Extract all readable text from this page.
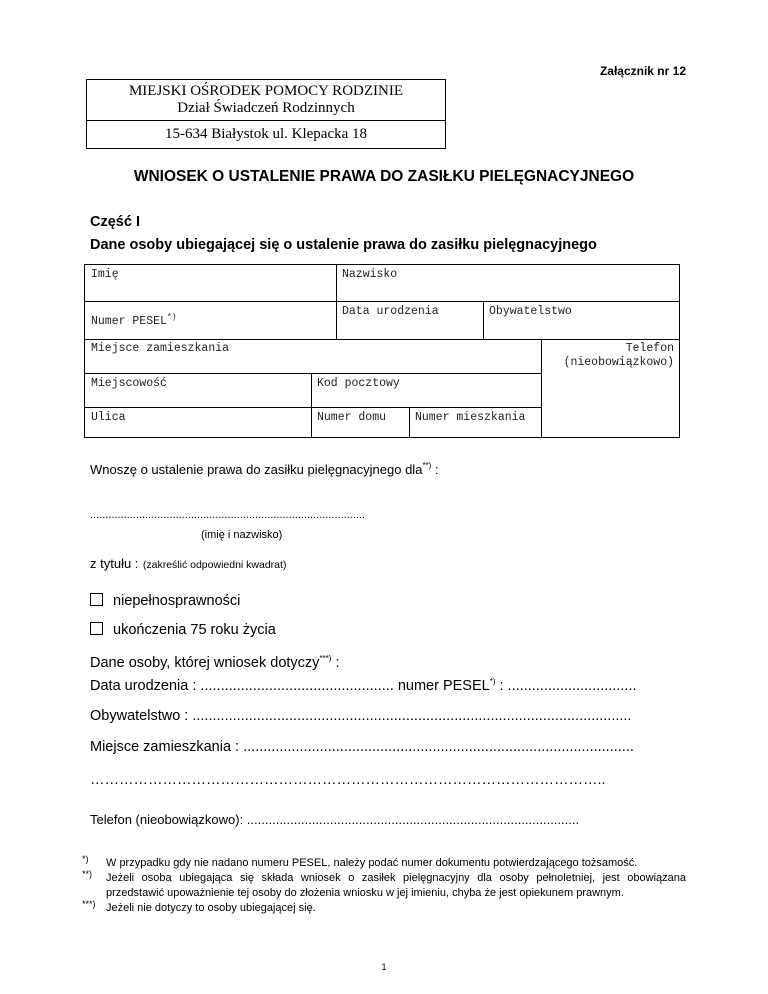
Załącznik nr 12
MIEJSKI OŚRODEK POMOCY RODZINIE
Dział Świadczeń Rodzinnych
15-634 Białystok ul. Klepacka 18
WNIOSEK O USTALENIE PRAWA DO ZASIŁKU PIELĘGNACYJNEGO
Część I
Dane osoby ubiegającej się o ustalenie prawa do zasiłku pielęgnacyjnego
Imię	Nazwisko
Numer PESEL*)	Data urodzenia	Obywatelstwo
Miejsce zamieszkania	Telefon (nieobowiązkowo)
Miejscowość	Kod pocztowy
Ulica	Numer domu	Numer mieszkania
Wnoszę o ustalenie prawa do zasiłku pielęgnacyjnego dla**) :
..........................................................................................
(imię i nazwisko)
z tytułu : (zakreślić odpowiedni kwadrat)
niepełnosprawności
ukończenia 75 roku życia
Dane osoby, której wniosek dotyczy***) :
Data urodzenia : ................................................ numer PESEL*) : ................................
Obywatelstwo : .............................................................................................................
Miejsce zamieszkania : .................................................................................................
……………………………………………………………………………………………..
Telefon (nieobowiązkowo): ............................................................................................
*) W przypadku gdy nie nadano numeru PESEL, należy podać numer dokumentu potwierdzającego tożsamość.
**) Jeżeli osoba ubiegająca się składa wniosek o zasiłek pielęgnacyjny dla osoby pełnoletniej, jest obowiązana przedstawić upoważnienie tej osoby do złożenia wniosku w jej imieniu, chyba że jest opiekunem prawnym.
***) Jeżeli nie dotyczy to osoby ubiegającej się.
1
